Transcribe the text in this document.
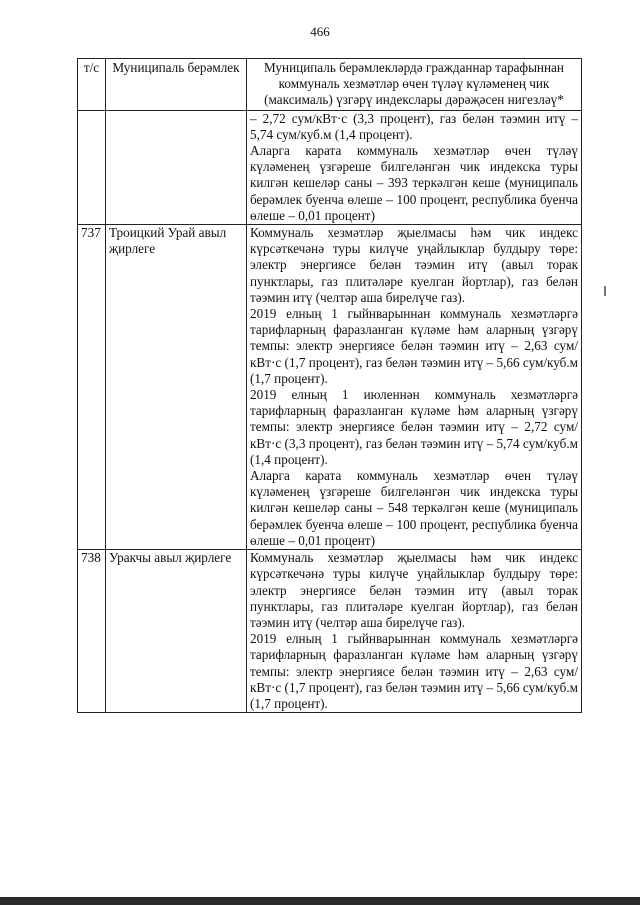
466
т/с	Муниципаль берәмлек	Муниципаль берәмлекләрдә гражданнар тарафыннан коммуналь хезмәтләр өчен түләү күләменең чик (максималь) үзгәрү индекслары дәрәҗәсен нигезләү*

		– 2,72 сум/кВт·с (3,3 процент), газ белән тәэмин итү – 5,74 сум/куб.м (1,4 процент).
Аларга карата коммуналь хезмәтләр өчен түләү күләменең үзгәреше билгеләнгән чик индекска туры килгән кешеләр саны – 393 теркәлгән кеше (муниципаль берәмлек буенча өлеше – 100 процент, республика буенча өлеше – 0,01 процент)

737	Троицкий Урай авыл җирлеге	Коммуналь хезмәтләр җыелмасы һәм чик индекс күрсәткечәнә туры килүче уңайлыклар булдыру төре: электр энергиясе белән тәэмин итү (авыл торак пунктлары, газ плитәләре куелган йортлар), газ белән тәэмин итү (челтәр аша бирелүче газ).
2019 елның 1 гыйнварыннан коммуналь хезмәтләргә тарифларның фаразланган күләме һәм аларның үзгәрү темпы: электр энергиясе белән тәэмин итү – 2,63 сум/кВт·с (1,7 процент), газ белән тәэмин итү – 5,66 сум/куб.м (1,7 процент).
2019 елның 1 июленнән коммуналь хезмәтләргә тарифларның фаразланган күләме һәм аларның үзгәрү темпы: электр энергиясе белән тәэмин итү – 2,72 сум/кВт·с (3,3 процент), газ белән тәэмин итү – 5,74 сум/куб.м (1,4 процент).
Аларга карата коммуналь хезмәтләр өчен түләү күләменең үзгәреше билгеләнгән чик индекска туры килгән кешеләр саны – 548 теркәлгән кеше (муниципаль берәмлек буенча өлеше – 100 процент, республика буенча өлеше – 0,01 процент)

738	Уракчы авыл җирлеге	Коммуналь хезмәтләр җыелмасы һәм чик индекс күрсәткечәнә туры килүче уңайлыклар булдыру төре: электр энергиясе белән тәэмин итү (авыл торак пунктлары, газ плитәләре куелган йортлар), газ белән тәэмин итү (челтәр аша бирелүче газ).
2019 елның 1 гыйнварыннан коммуналь хезмәтләргә тарифларның фаразланган күләме һәм аларның үзгәрү темпы: электр энергиясе белән тәэмин итү – 2,63 сум/кВт·с (1,7 процент), газ белән тәэмин итү – 5,66 сум/куб.м (1,7 процент).
